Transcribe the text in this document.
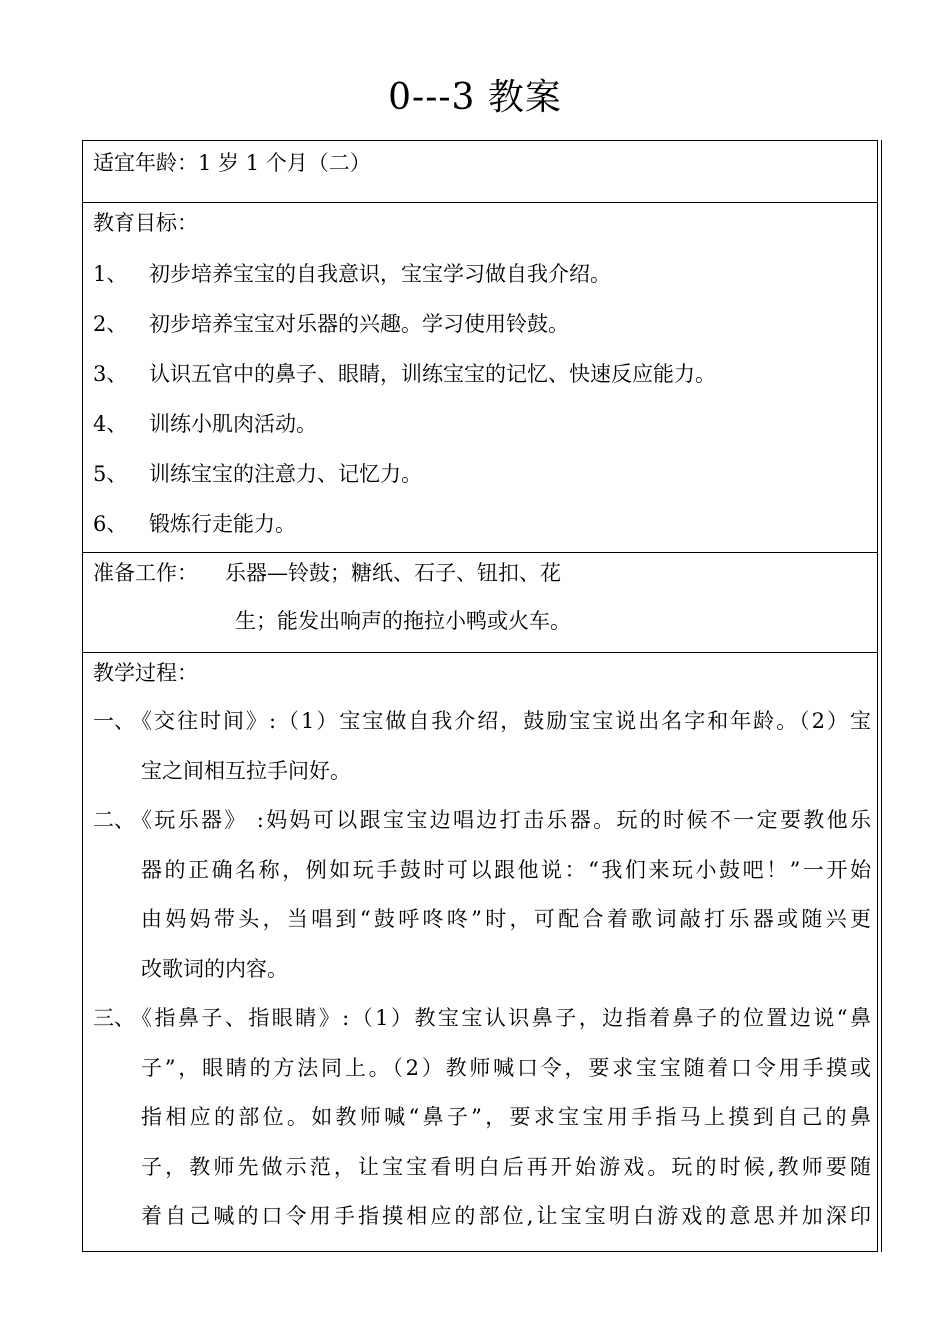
0---3 教案
适宜年龄：1 岁 1 个月（二）
教育目标：
1、	初步培养宝宝的自我意识，宝宝学习做自我介绍。
2、	初步培养宝宝对乐器的兴趣。学习使用铃鼓。
3、	认识五官中的鼻子、眼睛，训练宝宝的记忆、快速反应能力。
4、	训练小肌肉活动。
5、	训练宝宝的注意力、记忆力。
6、	锻炼行走能力。
准备工作：	乐器—铃鼓；糖纸、石子、钮扣、花
生；能发出响声的拖拉小鸭或火车。
教学过程：
一、
《交往时间》:（1）宝宝做自我介绍，鼓励宝宝说出名字和年龄。（2）宝
宝之间相互拉手问好。
二、
《玩乐器》 :妈妈可以跟宝宝边唱边打击乐器。玩的时候不一定要教他乐
器的正确名称，例如玩手鼓时可以跟他说：“我们来玩小鼓吧！”一开始
由妈妈带头，当唱到“鼓呼咚咚”时，可配合着歌词敲打乐器或随兴更
改歌词的内容。
三、
《指鼻子、指眼睛》:（1）教宝宝认识鼻子，边指着鼻子的位置边说“鼻
子”，眼睛的方法同上。（2）教师喊口令，要求宝宝随着口令用手摸或
指相应的部位。如教师喊“鼻子”，要求宝宝用手指马上摸到自己的鼻
子，教师先做示范，让宝宝看明白后再开始游戏。玩的时候,教师要随
着自己喊的口令用手指摸相应的部位,让宝宝明白游戏的意思并加深印
